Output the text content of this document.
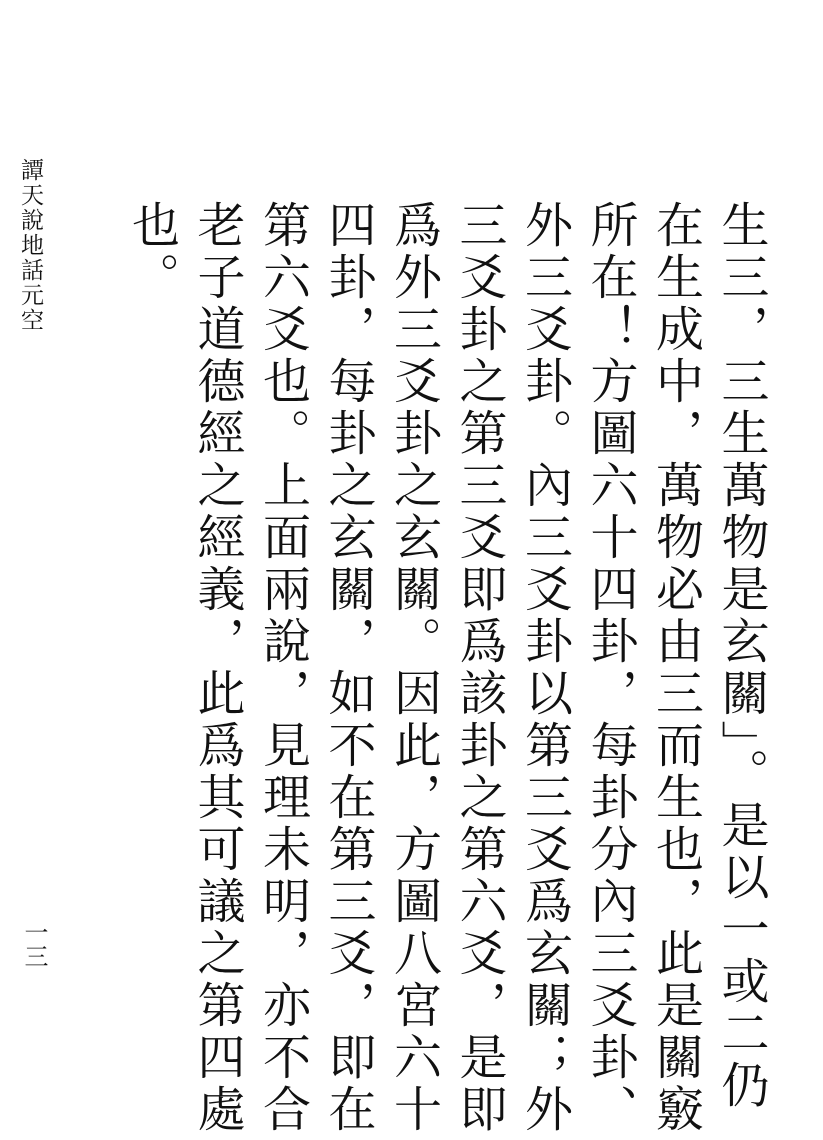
譚天說地話元空
一三	生三，三生萬物是玄關」。是以一或二仍
在生成中，萬物必由三而生也，此是關竅
所在！方圖六十四卦，每卦分內三爻卦、
外三爻卦。內三爻卦以第三爻爲玄關；外
三爻卦之第三爻即爲該卦之第六爻，是即
爲外三爻卦之玄關。因此，方圖八宮六十
四卦，每卦之玄關，如不在第三爻，即在
第六爻也。上面兩說，見理未明，亦不合
老子道德經之經義，此爲其可議之第四處
也。
